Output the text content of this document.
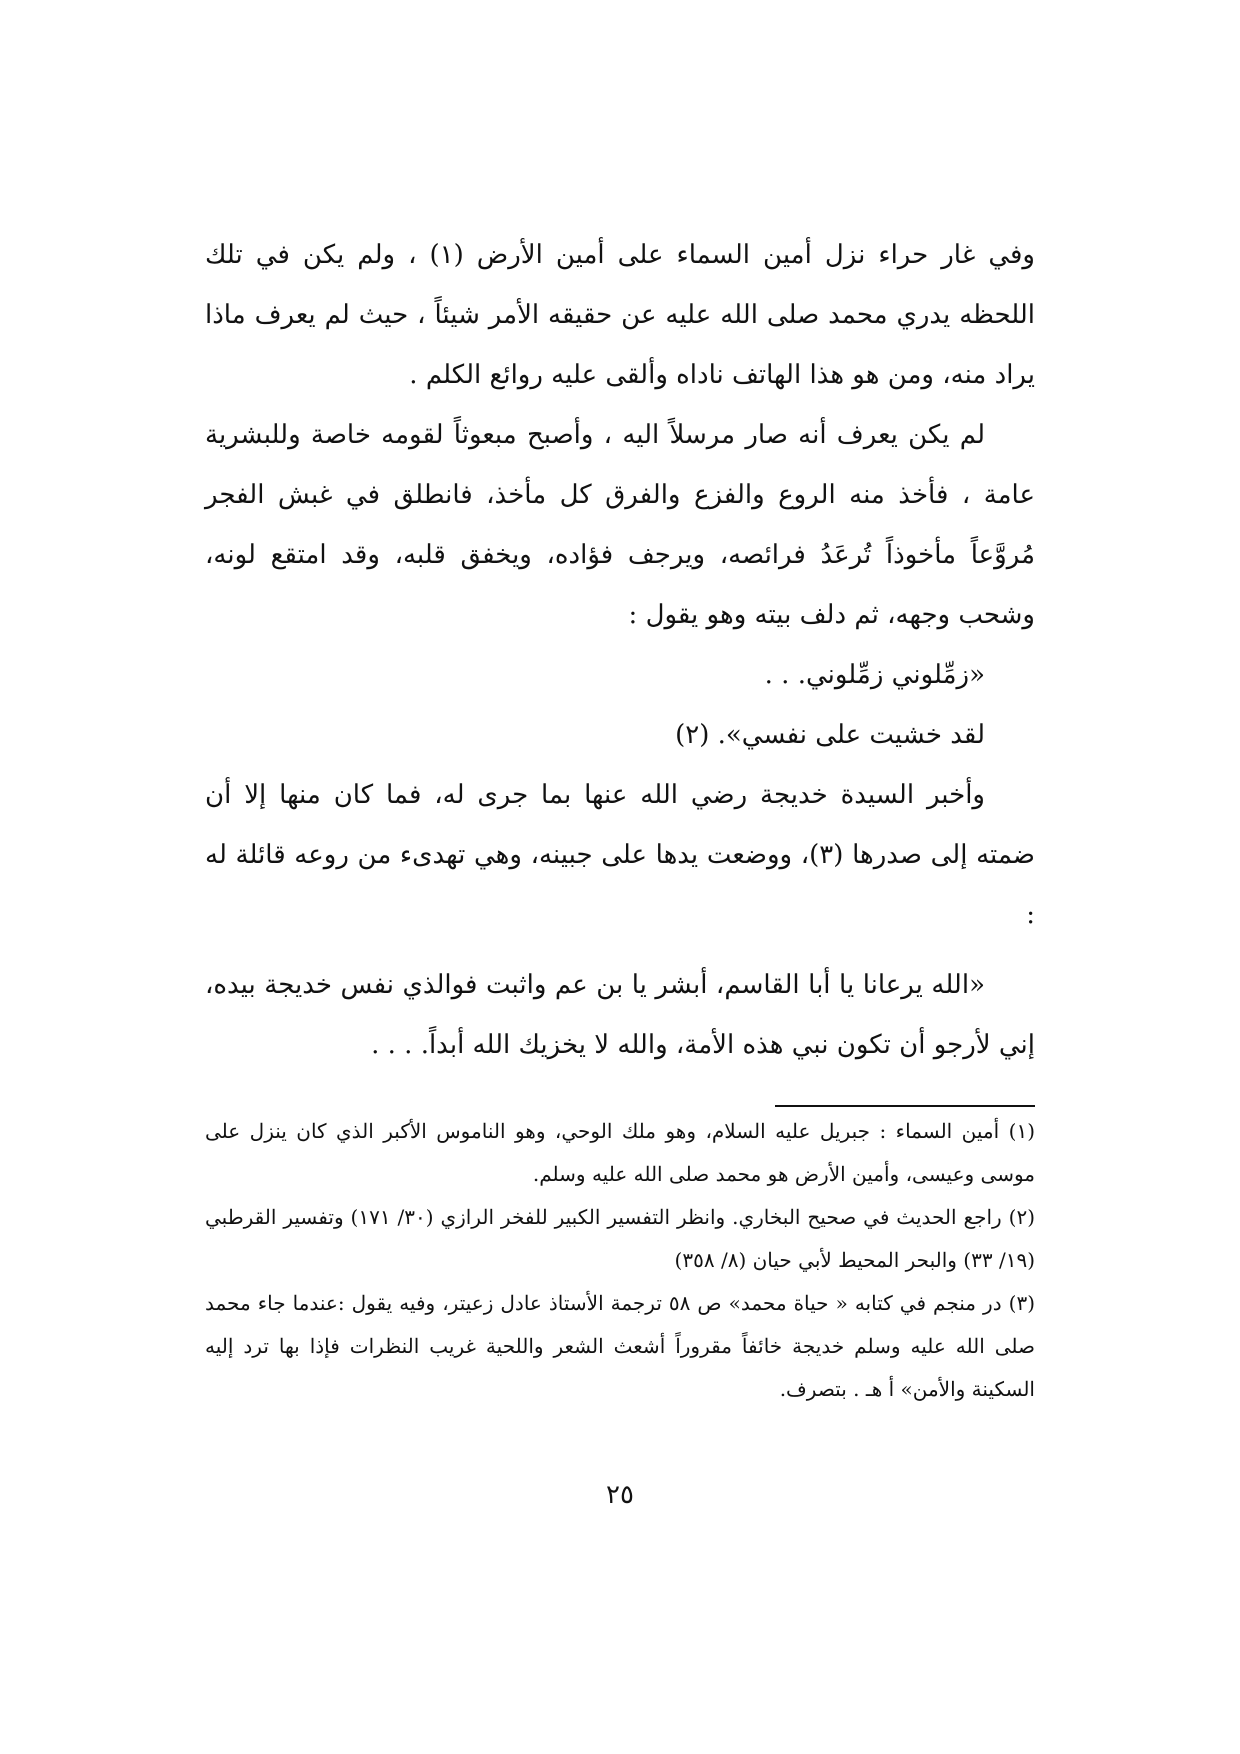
وفي غار حراء نزل أمين السماء على أمين الأرض (١) ، ولم يكن في تلك اللحظه يدري محمد صلى الله عليه عن حقيقه الأمر شيئاً ، حيث لم يعرف ماذا يراد منه، ومن هو هذا الهاتف ناداه وألقى عليه روائع الكلم .

لم يكن يعرف أنه صار مرسلاً اليه ، وأصبح مبعوثاً لقومه خاصة وللبشرية عامة ، فأخذ منه الروع والفزع والفرق كل مأخذ، فانطلق في غبش الفجر مُروَّعاً مأخوذاً تُرعَدُ فرائصه، ويرجف فؤاده، ويخفق قلبه، وقد امتقع لونه، وشحب وجهه، ثم دلف بيته وهو يقول :

«زمِّلوني زمِّلوني. . .

لقد خشيت على نفسي». (٢)

وأخبر السيدة خديجة رضي الله عنها بما جرى له، فما كان منها إلا أن ضمته إلى صدرها (٣)، ووضعت يدها على جبينه، وهي تهدىء من روعه قائلة له :

«الله يرعانا يا أبا القاسم، أبشر يا بن عم واثبت فوالذي نفس خديجة بيده، إني لأرجو أن تكون نبي هذه الأمة، والله لا يخزيك الله أبداً. . . .

(١) أمين السماء : جبريل عليه السلام، وهو ملك الوحي، وهو الناموس الأكبر الذي كان ينزل على موسى وعيسى، وأمين الأرض هو محمد صلى الله عليه وسلم.

(٢) راجع الحديث في صحيح البخاري. وانظر التفسير الكبير للفخر الرازي (٣٠/ ١٧١) وتفسير القرطبي (١٩/ ٣٣) والبحر المحيط لأبي حيان (٨/ ٣٥٨)

(٣) در منجم في كتابه « حياة محمد» ص ٥٨ ترجمة الأستاذ عادل زعيتر، وفيه يقول :عندما جاء محمد صلى الله عليه وسلم خديجة خائفاً مقروراً أشعث الشعر واللحية غريب النظرات فإذا بها ترد إليه السكينة والأمن» أ هـ . بتصرف.

٢٥
